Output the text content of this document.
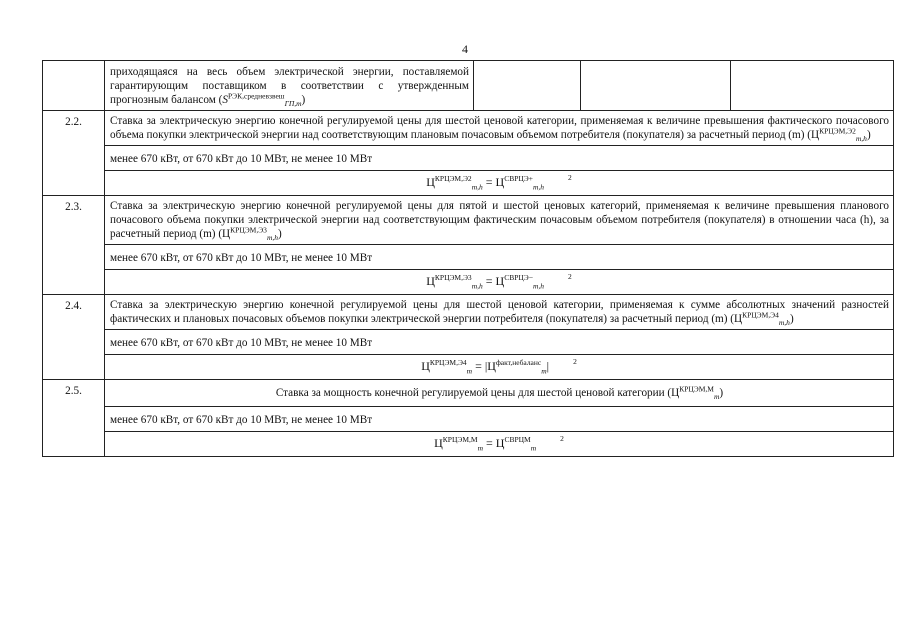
4
	приходящаяся на весь объем электрической энергии, поставляемой гарантирующим поставщиком в соответствии с утвержденным прогнозным балансом $(S^{РЭК,средневзвеш}_{ГП,m})$			
2.2.	Ставка за электрическую энергию конечной регулируемой цены для шестой ценовой категории, применяемая к величине превышения фактического почасового объема покупки электрической энергии над соответствующим плановым почасовым объемом потребителя (покупателя) за расчетный период (m) $(Ц^{КРЦЭМ,Э2}_{m,h})$			
	менее 670 кВт, от 670 кВт до 10 МВт, не менее 10 МВт			

	$Ц^{КРЦЭМ,Э2}_{m,h} = Ц^{СВРЦЭ+}_{m,h}^2$

2.3.	Ставка за электрическую энергию конечной регулируемой цены для пятой и шестой ценовых категорий, применяемая к величине превышения планового почасового объема покупки электрической энергии над соответствующим фактическим почасовым объемом потребителя (покупателя) в отношении часа (h), за расчетный период (m) $(Ц^{КРЦЭМ,Э3}_{m,h})$			
	менее 670 кВт, от 670 кВт до 10 МВт, не менее 10 МВт			

	$Ц^{КРЦЭМ,Э3}_{m,h} = Ц^{СВРЦЭ-}_{m,h}^2$

2.4.	Ставка за электрическую энергию конечной регулируемой цены для шестой ценовой категории, применяемая к сумме абсолютных значений разностей фактических и плановых почасовых объемов покупки электрической энергии потребителя (покупателя) за расчетный период (m) $(Ц^{КРЦЭМ,Э4}_{m,h})$			
	менее 670 кВт, от 670 кВт до 10 МВт, не менее 10 МВт			

	$Ц^{КРЦЭМ,Э4}_m = |Ц^{факт,небаланс}_m|$ $^2$

2.5.	Ставка за мощность конечной регулируемой цены для шестой ценовой категории $(Ц^{КРЦЭМ,М}_m)$			
	менее 670 кВт, от 670 кВт до 10 МВт, не менее 10 МВт			

	$Ц^{КРЦЭМ,М}_m = Ц^{СВРЦМ}_m^2$
